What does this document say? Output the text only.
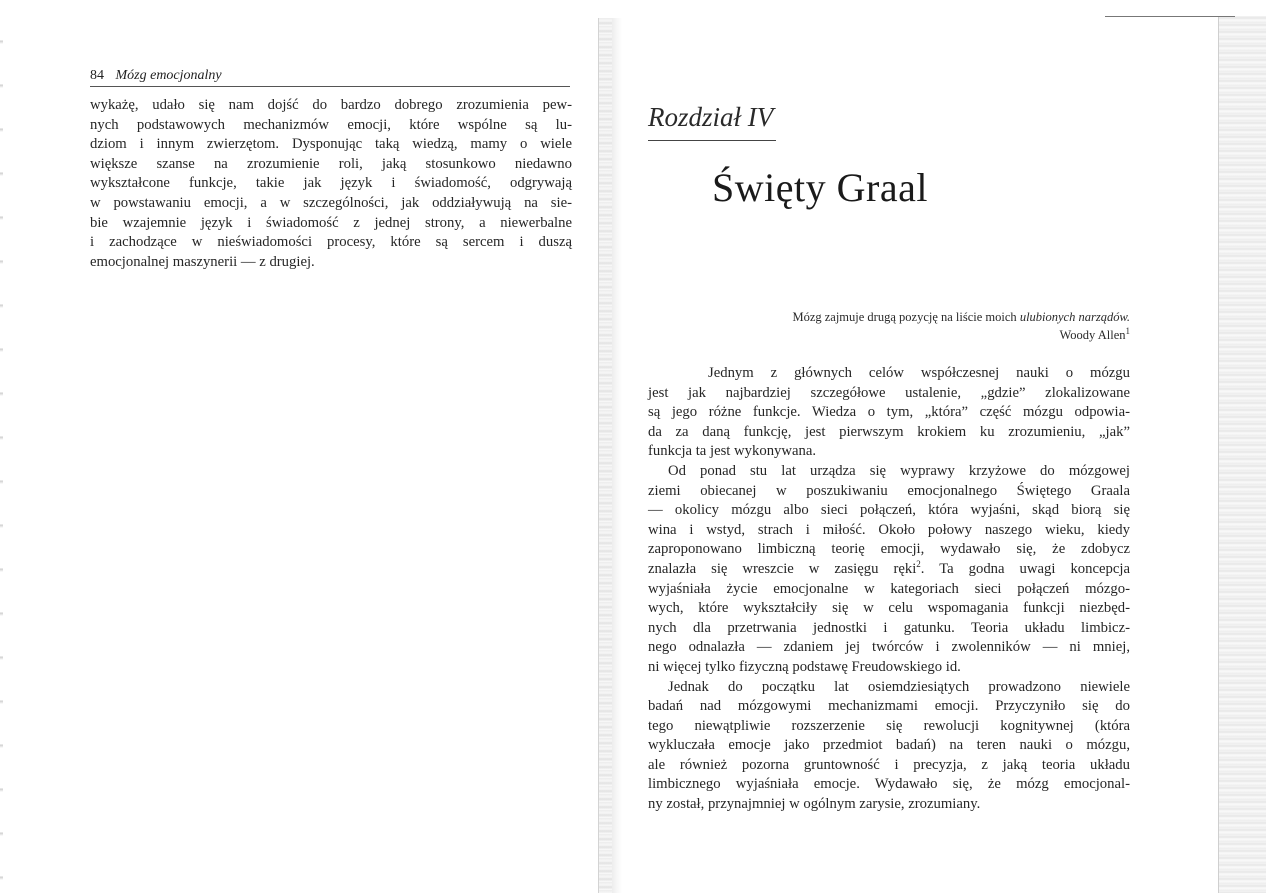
84 Mózg emocjonalny
wykażę, udało się nam dojść do bardzo dobrego zrozumienia pew-
nych podstawowych mechanizmów emocji, które wspólne są lu-
dziom i innym zwierzętom. Dysponując taką wiedzą, mamy o wiele
większe szanse na zrozumienie roli, jaką stosunkowo niedawno
wykształcone funkcje, takie jak język i świadomość, odgrywają
w powstawaniu emocji, a w szczególności, jak oddziaływują na sie-
bie wzajemnie język i świadomość z jednej strony, a niewerbalne
i zachodzące w nieświadomości procesy, które są sercem i duszą
emocjonalnej maszynerii — z drugiej.
Rozdział IV
Święty Graal
Mózg zajmuje drugą pozycję na liście moich ulubionych narządów.
Woody Allen$^1$
Jednym z głównych celów współczesnej nauki o mózgu
jest jak najbardziej szczegółowe ustalenie, „gdzie” zlokalizowane
są jego różne funkcje. Wiedza o tym, „która” część mózgu odpowia-
da za daną funkcję, jest pierwszym krokiem ku zrozumieniu, „jak”
funkcja ta jest wykonywana.
Od ponad stu lat urządza się wyprawy krzyżowe do mózgowej
ziemi obiecanej w poszukiwaniu emocjonalnego Świętego Graala
— okolicy mózgu albo sieci połączeń, która wyjaśni, skąd biorą się
wina i wstyd, strach i miłość. Około połowy naszego wieku, kiedy
zaproponowano limbiczną teorię emocji, wydawało się, że zdobycz
znalazła się wreszcie w zasięgu ręki$^2$. Ta godna uwagi koncepcja
wyjaśniała życie emocjonalne w kategoriach sieci połączeń mózgo-
wych, które wykształciły się w celu wspomagania funkcji niezbęd-
nych dla przetrwania jednostki i gatunku. Teoria układu limbicz-
nego odnalazła — zdaniem jej twórców i zwolenników — ni mniej,
ni więcej tylko fizyczną podstawę Freudowskiego id.
Jednak do początku lat osiemdziesiątych prowadzono niewiele
badań nad mózgowymi mechanizmami emocji. Przyczyniło się do
tego niewątpliwie rozszerzenie się rewolucji kognitywnej (która
wykluczała emocje jako przedmiot badań) na teren nauki o mózgu,
ale również pozorna gruntowność i precyzja, z jaką teoria układu
limbicznego wyjaśniała emocje. Wydawało się, że mózg emocjonal-
ny został, przynajmniej w ogólnym zarysie, zrozumiany.
